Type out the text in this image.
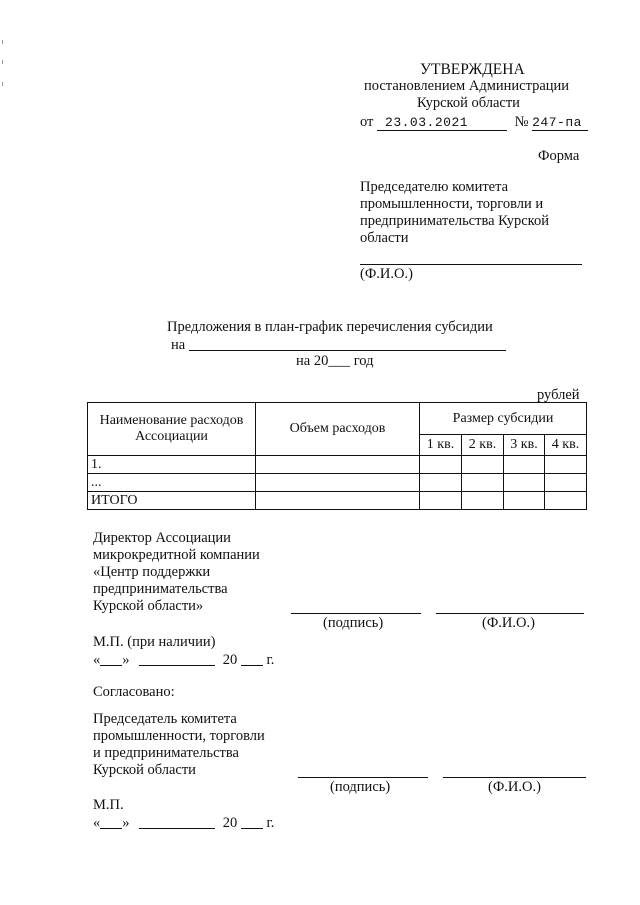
УТВЕРЖДЕНА
постановлением Администрации
Курской области
от 23.03.2021	№ 247-па
Форма
Председателю комитета
промышленности, торговли и
предпринимательства Курской
области
(Ф.И.О.)
Предложения в план-график перечисления субсидии
на
на 20___ год
рублей
Наименование расходов
Ассоциации	Объем расходов	Размер субсидии			
		1 кв.	2 кв.	3 кв.	4 кв.
1.					
...					
ИТОГО					
Директор Ассоциации
микрокредитной компании
«Центр поддержки
предпринимательства
Курской области»
(подпись)	(Ф.И.О.)
М.П. (при наличии)
« »	20 г.
Согласовано:
Председатель комитета
промышленности, торговли
и предпринимательства
Курской области
(подпись)	(Ф.И.О.)
М.П.
« »	20 г.
